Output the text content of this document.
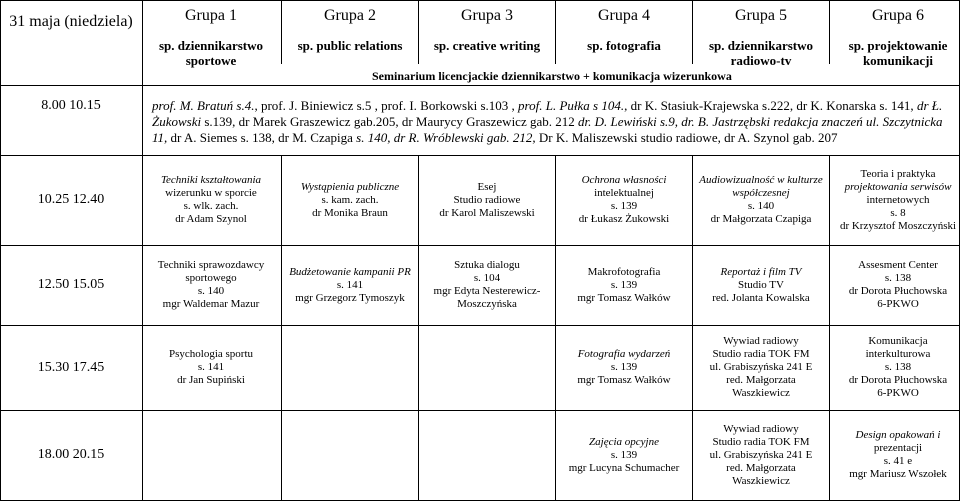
31 maja (niedziela)	Grupa 1
sp. dziennikarstwo
sportowe
Grupa 2
sp. public relations
Grupa 3
sp. creative writing
Grupa 4
sp. fotografia
Grupa 5
sp. dziennikarstwo
radiowo-tv
Grupa 6
sp. projektowanie
komunikacji
Seminarium licencjackie dziennikarstwo + komunikacja wizerunkowa
8.00 10.15	prof. M. Bratuń s.4., prof. J. Biniewicz s.5 , prof. I. Borkowski s.103 , prof. L. Pułka s 104., dr K. Stasiuk-Krajewska s.222, dr K. Konarska s. 141, dr Ł. Żukowski s.139, dr Marek Graszewicz gab.205, dr Maurycy Graszewicz gab. 212 dr. D. Lewiński s.9, dr. B. Jastrzębski redakcja znaczeń ul. Szczytnicka 11, dr A. Siemes s. 138, dr M. Czapiga s. 140, dr R. Wróblewski gab. 212, Dr K. Maliszewski studio radiowe, dr A. Szynol gab. 207
10.25 12.40
Techniki kształtowania
wizerunku w sporcie
s. wlk. zach.
dr Adam Szynol
Wystąpienia publiczne
s. kam. zach.
dr Monika Braun
Esej
Studio radiowe
dr Karol Maliszewski
Ochrona własności
intelektualnej
s. 139
dr Łukasz Żukowski
Audiowizualność w kulturze
współczesnej
s. 140
dr Małgorzata Czapiga
Teoria i praktyka
projektowania serwisów
internetowych
s. 8
dr Krzysztof Moszczyński
12.50 15.05
Techniki sprawozdawcy
sportowego
s. 140
mgr Waldemar Mazur
Budżetowanie kampanii PR
s. 141
mgr Grzegorz Tymoszyk
Sztuka dialogu
s. 104
mgr Edyta Nesterewicz-
Moszczyńska
Makrofotografia
s. 139
mgr Tomasz Wałków
Reportaż i film TV
Studio TV
red. Jolanta Kowalska
Assesment Center
s. 138
dr Dorota Płuchowska
6-PKWO
15.30 17.45
Psychologia sportu
s. 141
dr Jan Supiński
Fotografia wydarzeń
s. 139
mgr Tomasz Wałków
Wywiad radiowy
Studio radia TOK FM
ul. Grabiszyńska 241 E
red. Małgorzata
Waszkiewicz
Komunikacja
interkulturowa
s. 138
dr Dorota Płuchowska
6-PKWO
18.00 20.15
Zajęcia opcyjne
s. 139
mgr Lucyna Schumacher
Wywiad radiowy
Studio radia TOK FM
ul. Grabiszyńska 241 E
red. Małgorzata
Waszkiewicz
Design opakowań i
prezentacji
s. 41 e
mgr Mariusz Wszołek
